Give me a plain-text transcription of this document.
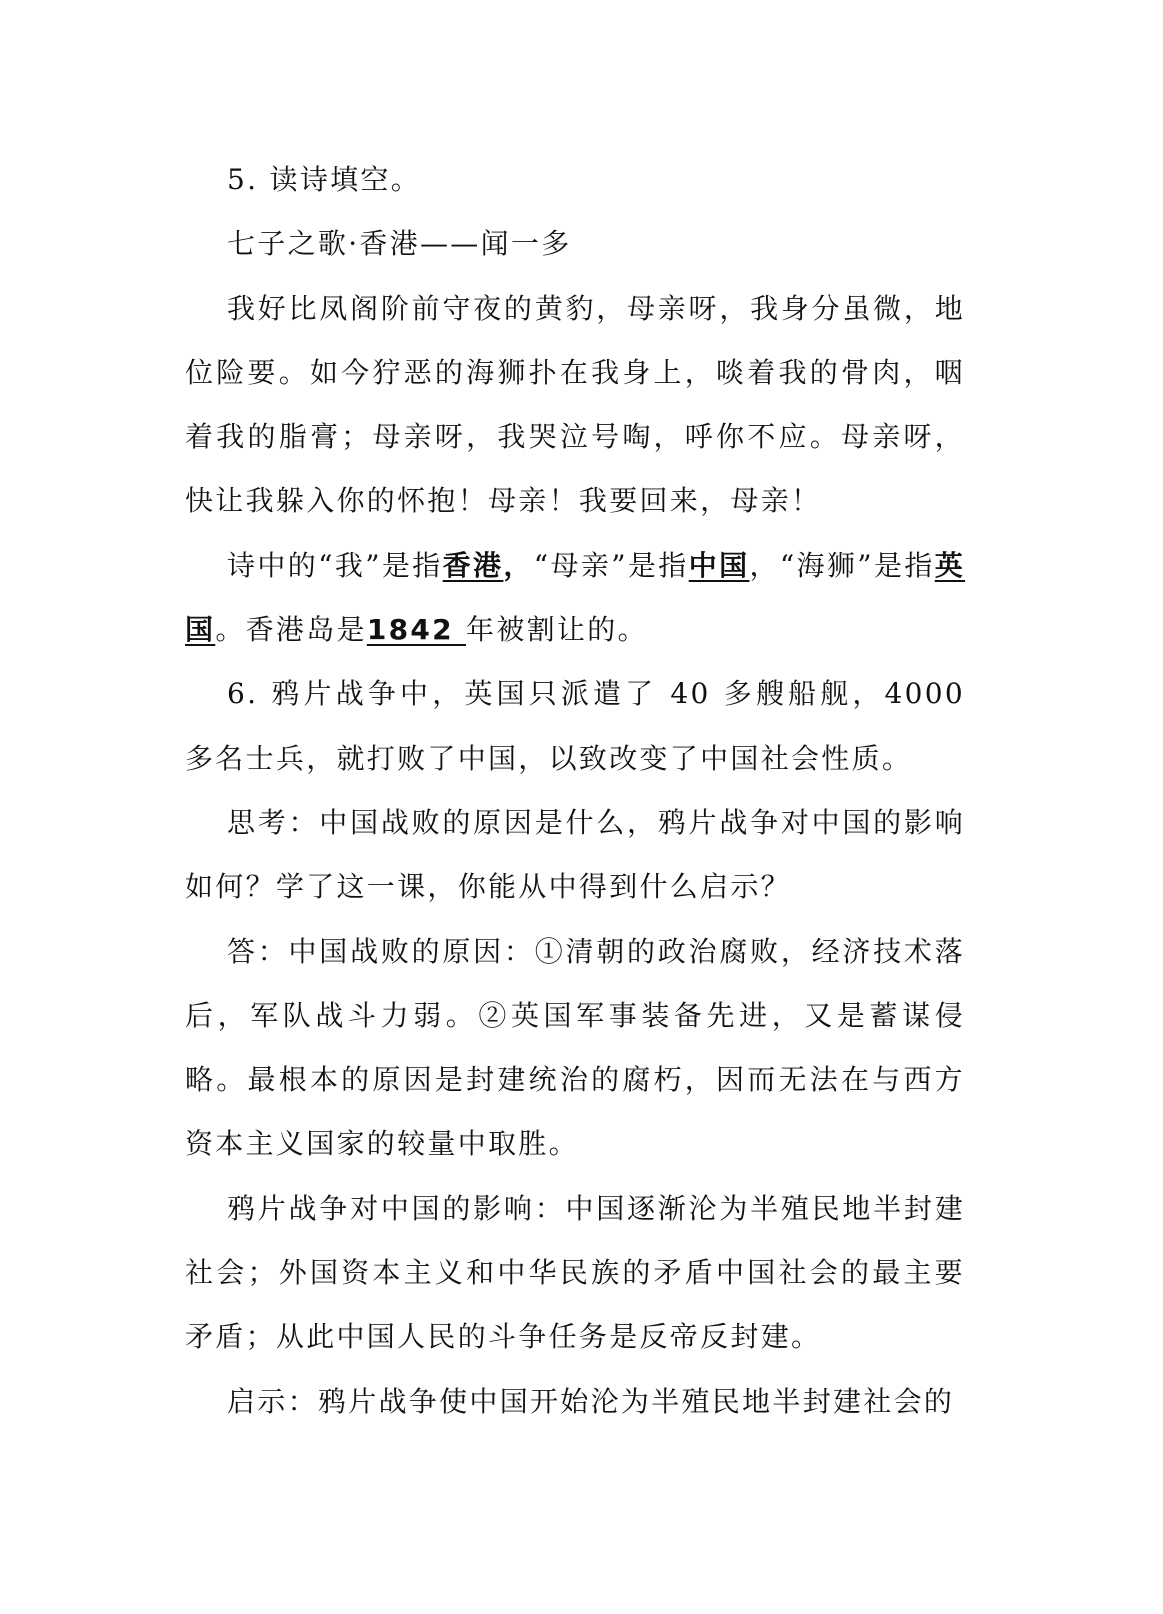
5. 读诗填空。

七子之歌·香港——闻一多

我好比凤阁阶前守夜的黄豹，母亲呀，我身分虽微，地位险要。如今狞恶的海狮扑在我身上，啖着我的骨肉，咽着我的脂膏；母亲呀，我哭泣号啕，呼你不应。母亲呀，快让我躲入你的怀抱！母亲！我要回来，母亲！

诗中的“我”是指香港，“母亲”是指中国，“海狮”是指英国。香港岛是1842 年被割让的。

6. 鸦片战争中，英国只派遣了 40 多艘船舰，4000 多名士兵，就打败了中国，以致改变了中国社会性质。

思考：中国战败的原因是什么，鸦片战争对中国的影响如何？学了这一课，你能从中得到什么启示？

答：中国战败的原因：①清朝的政治腐败，经济技术落后，军队战斗力弱。②英国军事装备先进，又是蓄谋侵略。最根本的原因是封建统治的腐朽，因而无法在与西方资本主义国家的较量中取胜。

鸦片战争对中国的影响：中国逐渐沦为半殖民地半封建社会；外国资本主义和中华民族的矛盾中国社会的最主要矛盾；从此中国人民的斗争任务是反帝反封建。

启示：鸦片战争使中国开始沦为半殖民地半封建社会的
